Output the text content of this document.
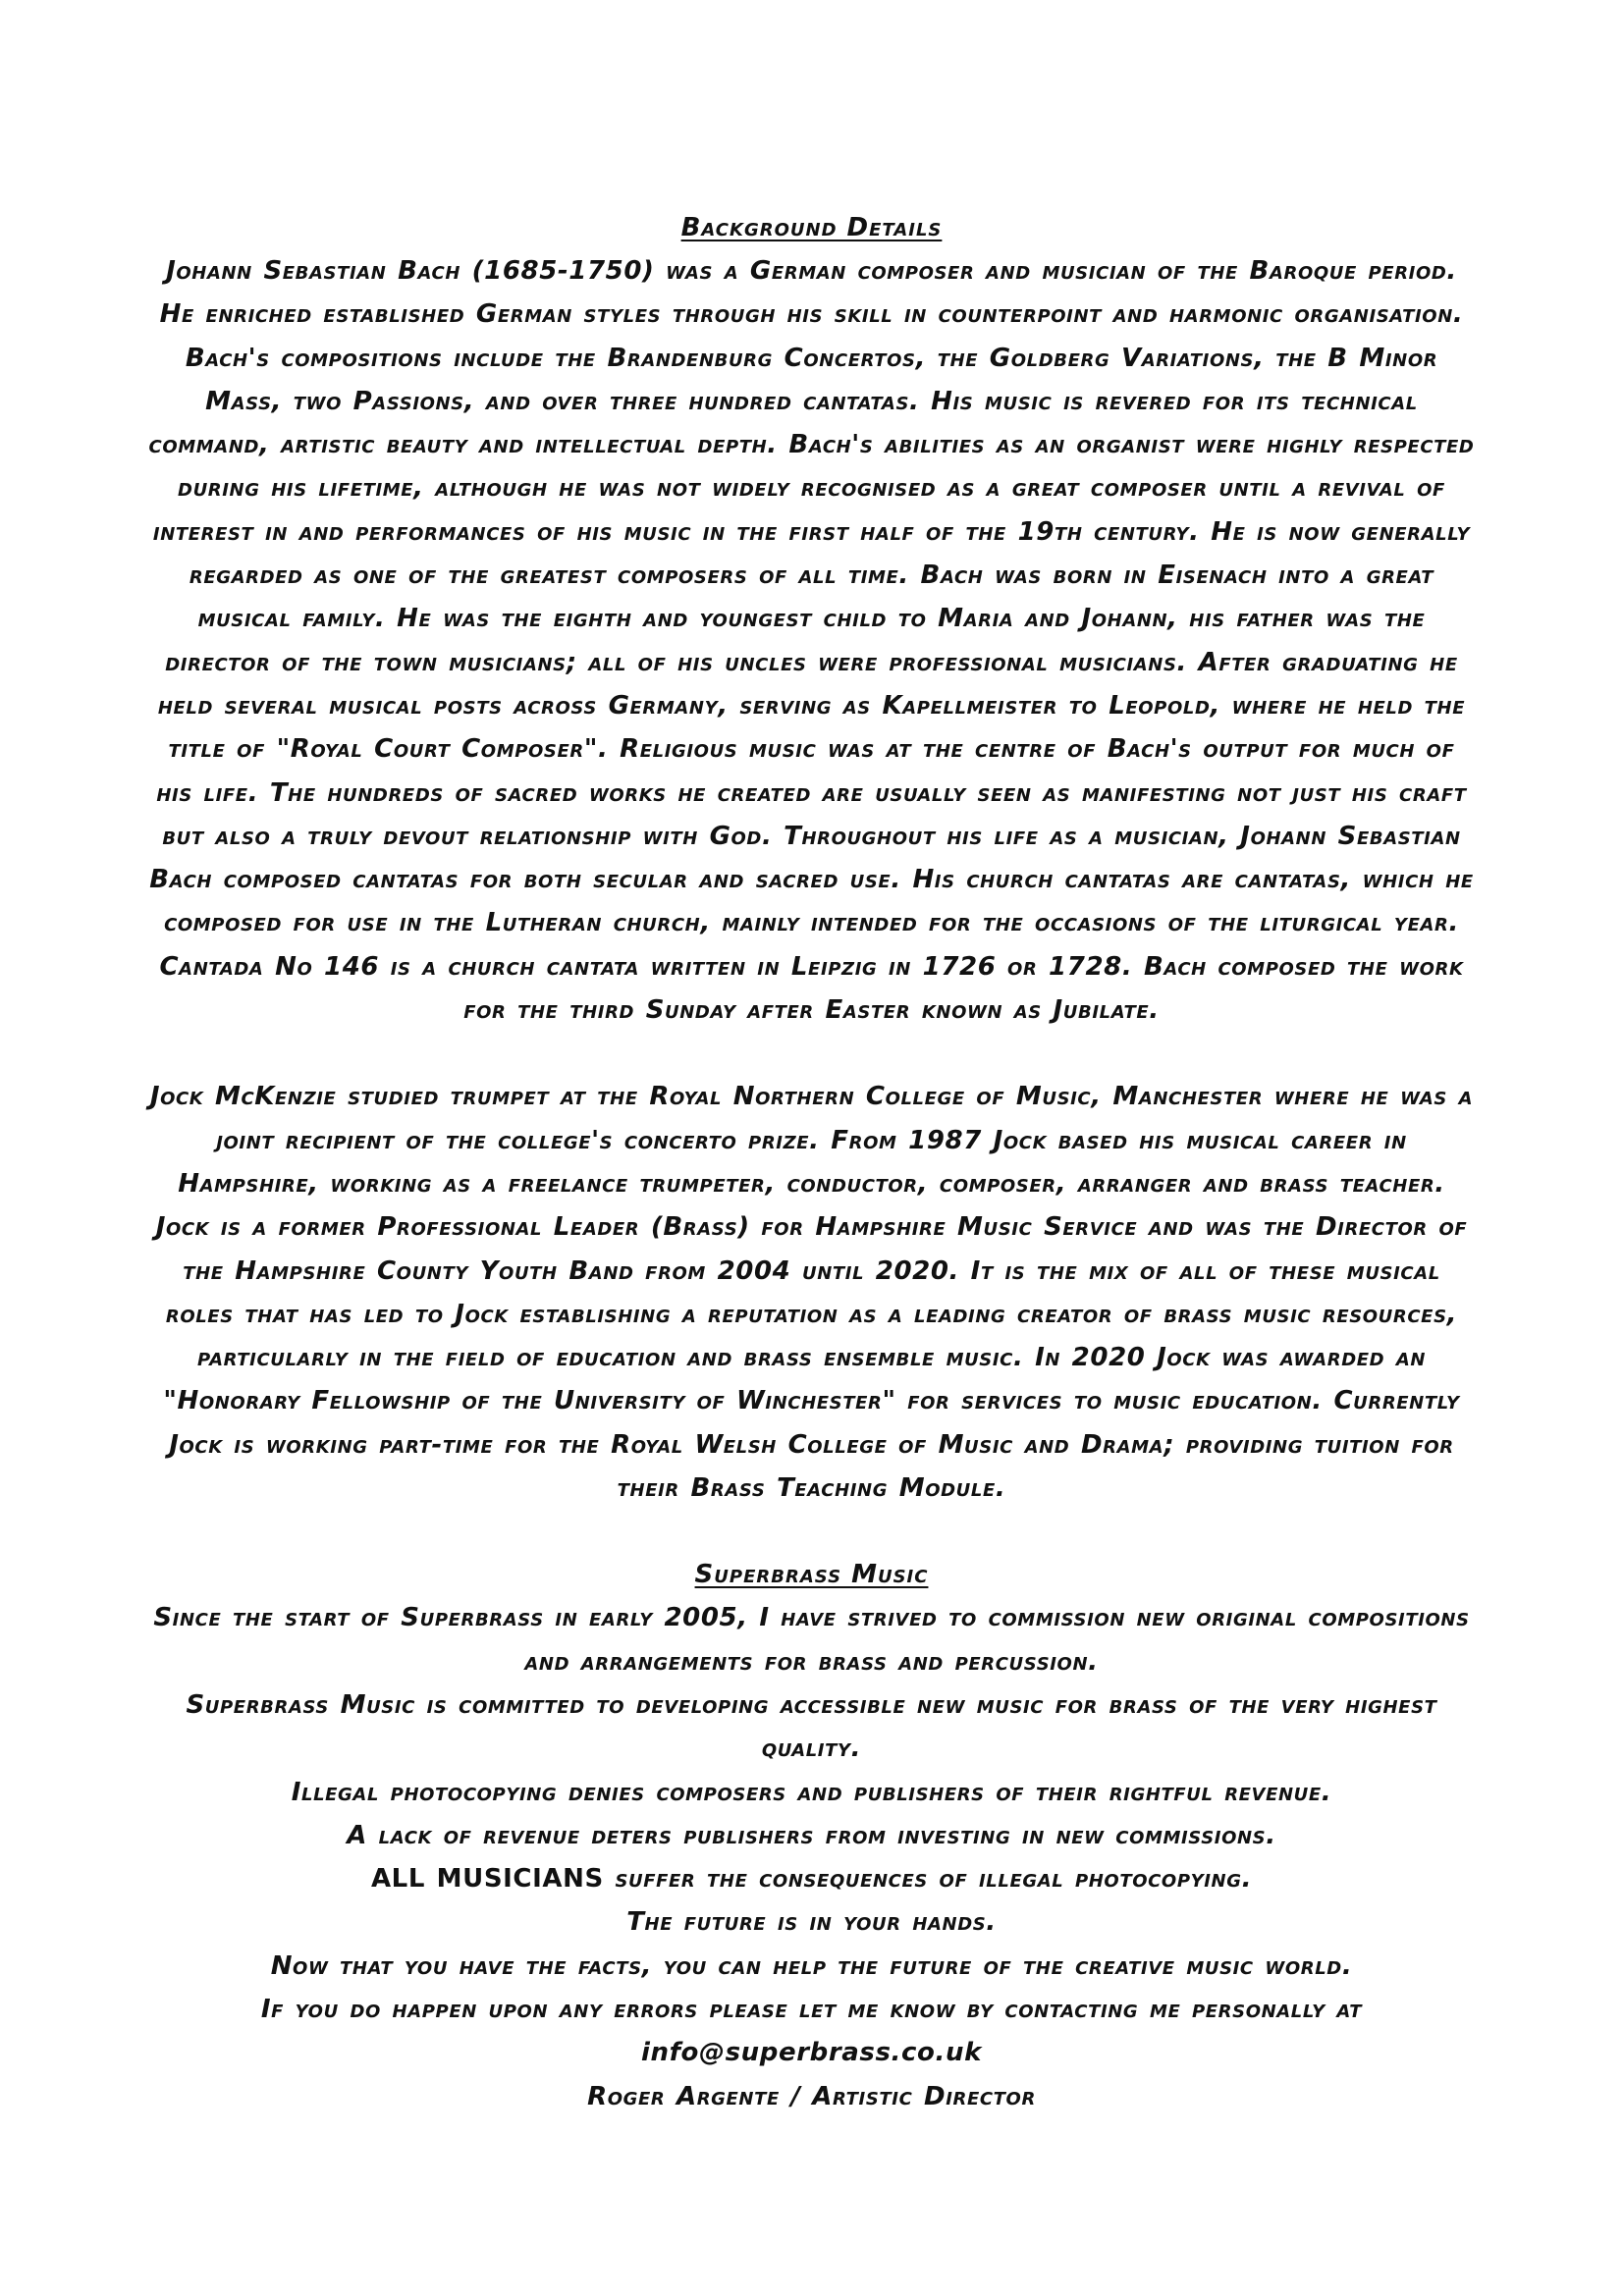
Background Details

Johann Sebastian Bach (1685-1750) was a German composer and musician of the Baroque period. He enriched established German styles through his skill in counterpoint and harmonic organisation. Bach's compositions include the Brandenburg Concertos, the Goldberg Variations, the B Minor Mass, two Passions, and over three hundred cantatas. His music is revered for its technical command, artistic beauty and intellectual depth. Bach's abilities as an organist were highly respected during his lifetime, although he was not widely recognised as a great composer until a revival of interest in and performances of his music in the first half of the 19th century. He is now generally regarded as one of the greatest composers of all time. Bach was born in Eisenach into a great musical family. He was the eighth and youngest child to Maria and Johann, his father was the director of the town musicians; all of his uncles were professional musicians. After graduating he held several musical posts across Germany, serving as Kapellmeister to Leopold, where he held the title of "Royal Court Composer". Religious music was at the centre of Bach's output for much of his life. The hundreds of sacred works he created are usually seen as manifesting not just his craft but also a truly devout relationship with God. Throughout his life as a musician, Johann Sebastian Bach composed cantatas for both secular and sacred use. His church cantatas are cantatas, which he composed for use in the Lutheran church, mainly intended for the occasions of the liturgical year. Cantada No 146 is a church cantata written in Leipzig in 1726 or 1728. Bach composed the work for the third Sunday after Easter known as Jubilate.

Jock McKenzie studied trumpet at the Royal Northern College of Music, Manchester where he was a joint recipient of the college's concerto prize. From 1987 Jock based his musical career in Hampshire, working as a freelance trumpeter, conductor, composer, arranger and brass teacher. Jock is a former Professional Leader (Brass) for Hampshire Music Service and was the Director of the Hampshire County Youth Band from 2004 until 2020. It is the mix of all of these musical roles that has led to Jock establishing a reputation as a leading creator of brass music resources, particularly in the field of education and brass ensemble music. In 2020 Jock was awarded an "Honorary Fellowship of the University of Winchester" for services to music education. Currently Jock is working part-time for the Royal Welsh College of Music and Drama; providing tuition for their Brass Teaching Module.

Superbrass Music

Since the start of Superbrass in early 2005, I have strived to commission new original compositions and arrangements for brass and percussion.

Superbrass Music is committed to developing accessible new music for brass of the very highest quality.

Illegal photocopying denies composers and publishers of their rightful revenue.

A lack of revenue deters publishers from investing in new commissions.

ALL MUSICIANS suffer the consequences of illegal photocopying.

The future is in your hands.

Now that you have the facts, you can help the future of the creative music world.

If you do happen upon any errors please let me know by contacting me personally at

info@superbrass.co.uk

Roger Argente / Artistic Director
